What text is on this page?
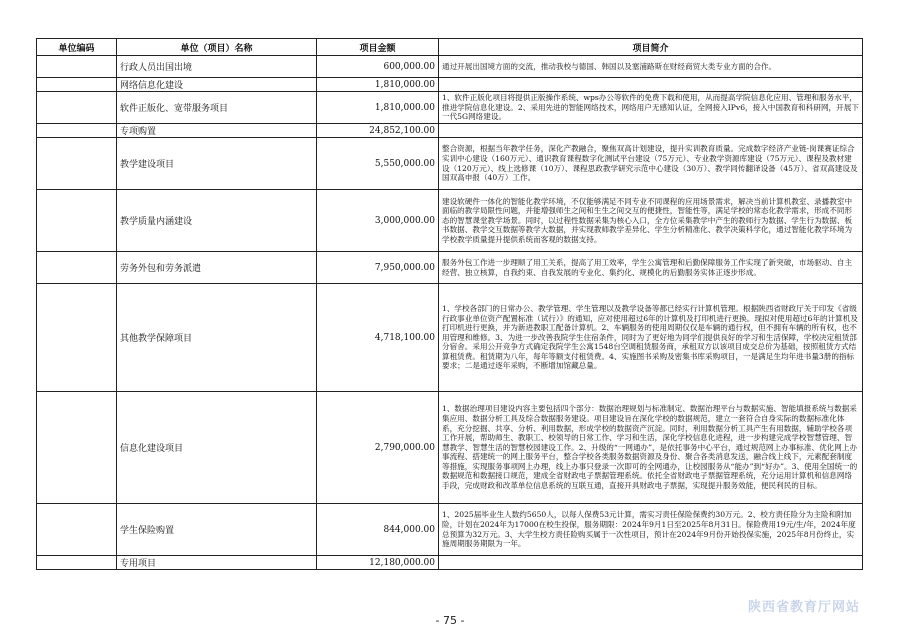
单位编码	单位（项目）名称	项目金额	项目简介
	行政人员出国出境	600,000.00	通过开展出国境方面的交流，推动我校与德国、韩国以及塞浦路斯在财经商贸大类专业方面的合作。
	网络信息化建设	1,810,000.00	
	软件正版化、宽带服务项目	1,810,000.00	1、软件正版化项目将提供正版操作系统、wps办公等软件的免费下载和使用，从而提高学院信息化应用、管理和服务水平，推进学院信息化建设。2、采用先进的智能网络技术，网络用户无感知认证，全网接入IPv6，接入中国教育和科研网，开展下一代5G网络建设。
	专项购置	24,852,100.00	
	教学建设项目	5,550,000.00	整合资源，根据当年教学任务，深化产教融合，聚焦双高计划建设，提升实训教育质量。完成数字经济产业链-岗课赛证综合实训中心建设（160万元）、通识教育课程数字化测试平台建设（75万元）、专业教学资源库建设（75万元）、课程及教材建设（120万元）、线上选修课（10万）、课程思政教学研究示范中心建设（30万）、教学同传翻译设备（45万）、省双高建设及国双高申报（40万）工作。
	教学质量内涵建设	3,000,000.00	建设软硬件一体化的智能化教学环境，不仅能够满足不同专业不同课程的应用场景需求，解决当前计算机教室、录播教室中面临的教学局限性问题，并能增强师生之间和生生之间交互的便捷性，智能性等，满足学校的常态化教学需求，形成不同形态的智慧课堂教学场景。同时，以过程性数据采集为核心入口，全方位采集教学中产生的教师行为数据、学生行为数据、板书数据、教学交互数据等教学大数据，并实现教师教学差异化、学生分析精准化、教学决策科学化，通过智能化教学环境为学校教学质量提升提供系统而客观的数据支持。
	劳务外包和劳务派遣	7,950,000.00	服务外包工作进一步理顺了用工关系，提高了用工效率，学生公寓管理和后勤保障服务工作实现了新突破，市场驱动、自主经营、独立核算，自我约束、自我发展的专业化、集约化、规模化的后勤服务实体正逐步形成。
	其他教学保障项目	4,718,100.00	1、学校各部门的日常办公、教学管理、学生管理以及教学设备等都已经实行计算机管理。根据陕西省财政厅关于印发《省级行政事业单位资产配置标准（试行）》的通知，应对使用超过6年的计算机及打印机进行更换。现拟对使用超过6年的计算机及打印机进行更换，并为新进教职工配备计算机。2、车辆服务的使用周期仅仅是车辆的通行权，但不拥有车辆的所有权，也不用管理和维修。3、为进一步改善我院学生住宿条件，同时为了更好地为同学们提供良好的学习和生活保障，学校决定租赁部分宿舍。采用公开竞争方式确定我院学生公寓1548台空调租赁服务商，承租双方以该项目成交总价为基础，按照租赁方式结算租赁费。租赁期为八年，每年等额支付租赁费。4、实施图书采购及密集书库采购项目，一是满足生均年进书量3册的指标要求；二是通过逐年采购，不断增加馆藏总量。
	信息化建设项目	2,790,000.00	1、数据治理项目建设内容主要包括四个部分：数据治理规划与标准制定、数据治理平台与数据实施、智能填报系统与数据采集应用、数据分析工具及综合数据服务建设。项目建设旨在深化学校的数据规范，建立一套符合自身实际的数据标准化体系，充分挖掘、共享、分析、利用数据，形成学校的数据资产沉淀。同时，利用数据分析工具产生有用数据，辅助学校各项工作开展，帮助师生、教职工、校领导的日常工作、学习和生活，深化学校信息化进程，进一步构建完成学校智慧管理、智慧教学、智慧生活的智慧校园建设工作。2、升级的“一网通办”，是依托事务中心平台，通过规范网上办事标准、优化网上办事流程、搭建统一的网上服务平台，整合学校各类服务数据资源及身份、聚合各类消息发送，融合线上线下，元素配套制度等措施，实现服务事项网上办理，线上办事只登录一次即可的全网通办，让校园服务从“能办”到“好办”。3、使用全国统一的数据规范和数据接口规范，建成全省财政电子票据管理系统。依托全省财政电子票据管理系统，充分运用计算机和信息网络手段，完成财政和改革单位信息系统的互联互通，直接开具财政电子票据，实现提升服务效能，便民利民的目标。
	学生保险购置	844,000.00	1、2025届毕业生人数约5650人，以每人保费53元计算，需实习责任保险保费约30万元。2、校方责任险分为主险和附加险，计划在2024年为17000在校生投保，服务期限：2024年9月1日至2025年8月31日。保险费用19元/生/年，2024年度总预算为32万元。3、大学生校方责任险购买属于一次性项目，预计在2024年9月份开始投保实施，2025年8月份终止，实施周期服务期限为一年。
	专用项目	12,180,000.00	
- 75 -
陕西省教育厅网站
